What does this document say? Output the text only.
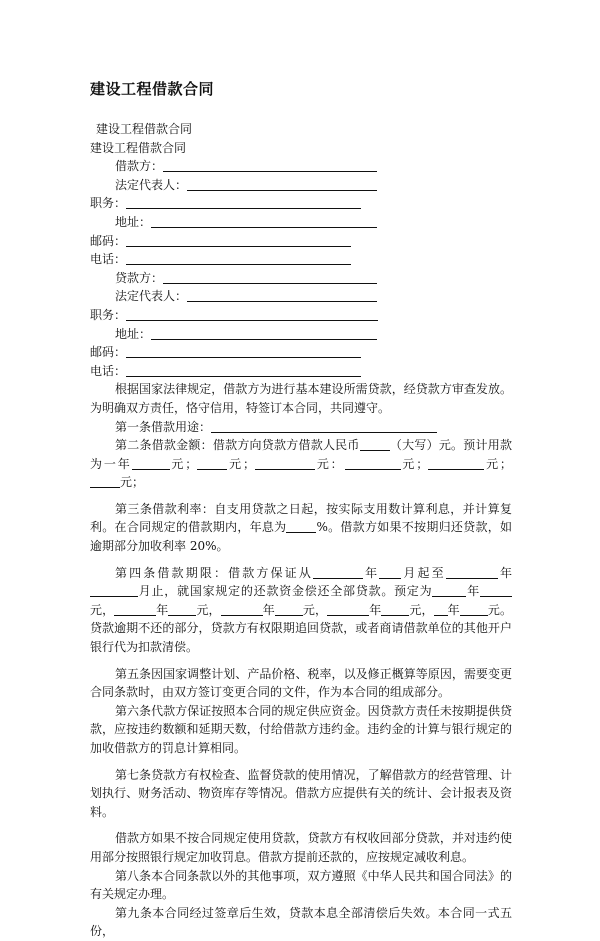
建设工程借款合同

建设工程借款合同

建设工程借款合同

借款方：

法定代表人：

职务：

地址：

邮码：

电话：

贷款方：

法定代表人：

职务：

地址：

邮码：

电话：

根据国家法律规定，借款方为进行基本建设所需贷款，经贷款方审查发放。为明确双方责任，恪守信用，特签订本合同，共同遵守。

第一条借款用途：

第二条借款金额：借款方向贷款方借款人民币	（大写）元。预计用款为一年	元；	元；	元：	元；	元；元；

第三条借款利率：自支用贷款之日起，按实际支用数计算利息，并计算复利。在合同规定的借款期内，年息为	%。借款方如果不按期归还贷款，如逾期部分加收利率 20%。

第四条借款期限：借款方保证从	年 月起至	年月止，就国家规定的还款资金偿还全部贷款。预定为	年元，	年 元，	年 元，	年 元， 年 元。贷款逾期不还的部分，贷款方有权限期追回贷款，或者商请借款单位的其他开户银行代为扣款清偿。

第五条因国家调整计划、产品价格、税率，以及修正概算等原因，需要变更合同条款时，由双方签订变更合同的文件，作为本合同的组成部分。

第六条代款方保证按照本合同的规定供应资金。因贷款方责任未按期提供贷款，应按违约数额和延期天数，付给借款方违约金。违约金的计算与银行规定的加收借款方的罚息计算相同。

第七条贷款方有权检查、监督贷款的使用情况，了解借款方的经营管理、计划执行、财务活动、物资库存等情况。借款方应提供有关的统计、会计报表及资料。

借款方如果不按合同规定使用贷款，贷款方有权收回部分贷款，并对违约使用部分按照银行规定加收罚息。借款方提前还款的，应按规定减收利息。

第八条本合同条款以外的其他事项，双方遵照《中华人民共和国合同法》的有关规定办理。

第九条本合同经过签章后生效，贷款本息全部清偿后失效。本合同一式五份，
